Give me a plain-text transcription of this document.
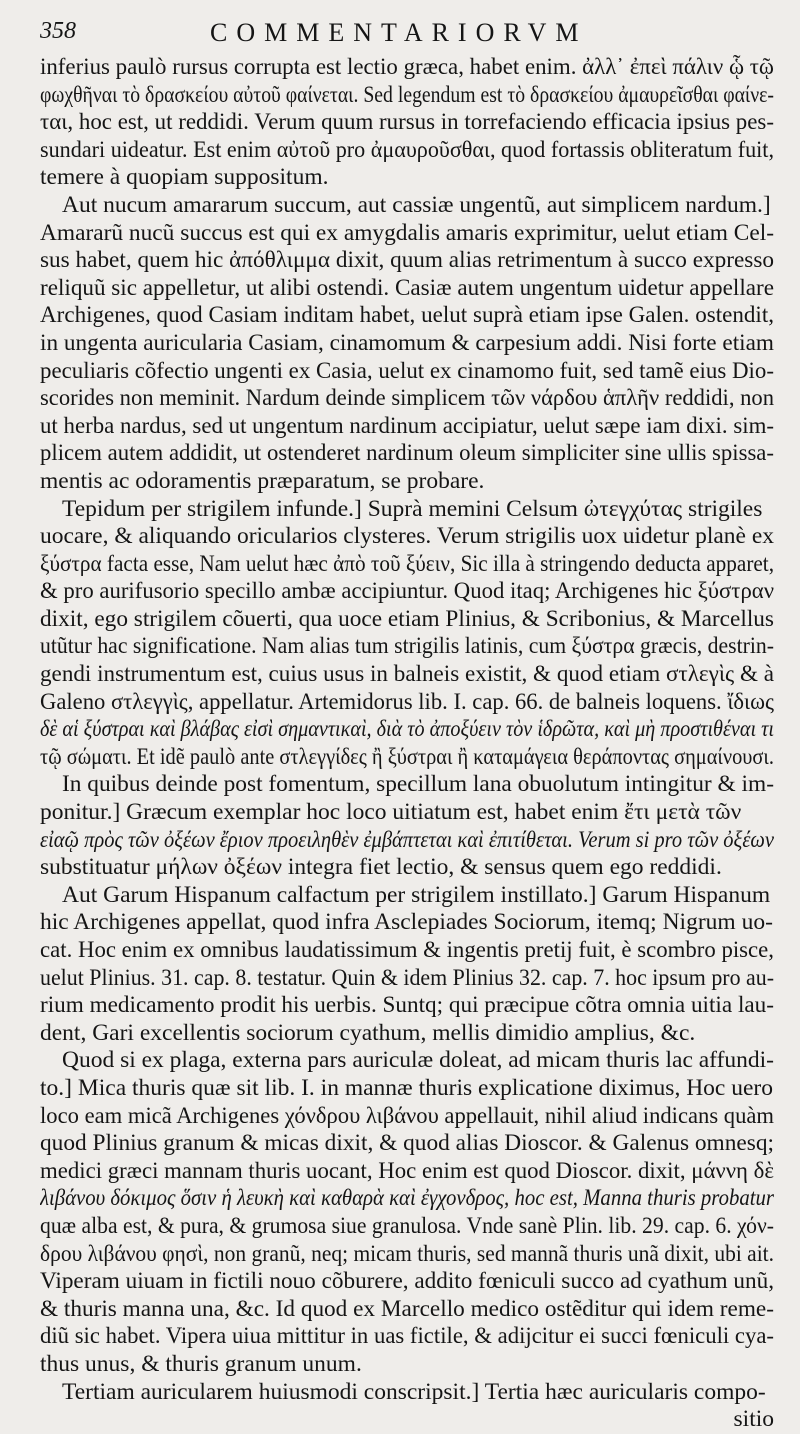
358	COMMENTARIORVM
inferius paulò rursus corrupta est lectio græca, habet enim. ἀλλ᾽ ἐπεὶ πάλιν ᾧ τῷ
φωχθῆναι τὸ δρασκείου αὐτοῦ φαίνεται. Sed legendum est τὸ δρασκείου ἀμαυρεῖσθαι φαίνε-
ται, hoc est, ut reddidi. Verum quum rursus in torrefaciendo efficacia ipsius pes-
sundari uideatur. Est enim αὐτοῦ pro ἀμαυροῦσθαι, quod fortassis obliteratum fuit,
temere à quopiam suppositum.
Aut nucum amararum succum, aut cassiæ ungentũ, aut simplicem nardum.]
Amararũ nucũ succus est qui ex amygdalis amaris exprimitur, uelut etiam Cel-
sus habet, quem hic ἀπόθλιμμα dixit, quum alias retrimentum à succo expresso
reliquũ sic appelletur, ut alibi ostendi. Casiæ autem ungentum uidetur appellare
Archigenes, quod Casiam inditam habet, uelut suprà etiam ipse Galen. ostendit,
in ungenta auricularia Casiam, cinamomum & carpesium addi. Nisi forte etiam
peculiaris cõfectio ungenti ex Casia, uelut ex cinamomo fuit, sed tamẽ eius Dio-
scorides non meminit. Nardum deinde simplicem τῶν νάρδου ἁπλῆν reddidi, non
ut herba nardus, sed ut ungentum nardinum accipiatur, uelut sæpe iam dixi. sim-
plicem autem addidit, ut ostenderet nardinum oleum simpliciter sine ullis spissa-
mentis ac odoramentis præparatum, se probare.
Tepidum per strigilem infunde.] Suprà memini Celsum ὠτεγχύτας strigiles
uocare, & aliquando oricularios clysteres. Verum strigilis uox uidetur planè ex
ξύστρα facta esse, Nam uelut hæc ἀπὸ τοῦ ξύειν, Sic illa à stringendo deducta apparet,
& pro aurifusorio specillo ambæ accipiuntur. Quod itaq; Archigenes hic ξύστραν
dixit, ego strigilem cõuerti, qua uoce etiam Plinius, & Scribonius, & Marcellus
utũtur hac significatione. Nam alias tum strigilis latinis, cum ξύστρα græcis, destrin-
gendi instrumentum est, cuius usus in balneis existit, & quod etiam στλεγὶς & à
Galeno στλεγγὶς, appellatur. Artemidorus lib. I. cap. 66. de balneis loquens. ἴδιως
δὲ αἱ ξύστραι καὶ βλάβας εἰσὶ σημαντικαὶ, διὰ τὸ ἀποξύειν τὸν ἱδρῶτα, καὶ μὴ προστιθέναι τι
τῷ σώματι. Et idẽ paulò ante στλεγγίδες ἢ ξύστραι ἢ καταμάγεια θεράποντας σημαίνουσι.
In quibus deinde post fomentum, specillum lana obuolutum intingitur & im-
ponitur.] Græcum exemplar hoc loco uitiatum est, habet enim ἔτι μετὰ τῶν
εἰαῷ πρὸς τῶν ὀξέων ἔριον προειληθὲν ἐμβάπτεται καὶ ἐπιτίθεται. Verum si pro τῶν ὀξέων
substituatur μήλων ὀξέων integra fiet lectio, & sensus quem ego reddidi.
Aut Garum Hispanum calfactum per strigilem instillato.] Garum Hispanum
hic Archigenes appellat, quod infra Asclepiades Sociorum, itemq; Nigrum uo-
cat. Hoc enim ex omnibus laudatissimum & ingentis pretij fuit, è scombro pisce,
uelut Plinius. 31. cap. 8. testatur. Quin & idem Plinius 32. cap. 7. hoc ipsum pro au-
rium medicamento prodit his uerbis. Suntq; qui præcipue cõtra omnia uitia lau-
dent, Gari excellentis sociorum cyathum, mellis dimidio amplius, &c.
Quod si ex plaga, externa pars auriculæ doleat, ad micam thuris lac affundi-
to.] Mica thuris quæ sit lib. I. in mannæ thuris explicatione diximus, Hoc uero
loco eam micã Archigenes χόνδρου λιβάνου appellauit, nihil aliud indicans quàm
quod Plinius granum & micas dixit, & quod alias Dioscor. & Galenus omnesq;
medici græci mannam thuris uocant, Hoc enim est quod Dioscor. dixit, μάννη δὲ
λιβάνου δόκιμος ὅσιν ἡ λευκὴ καὶ καθαρὰ καὶ ἐγχονδρος, hoc est, Manna thuris probatur
quæ alba est, & pura, & grumosa siue granulosa. Vnde sanè Plin. lib. 29. cap. 6. χόν-
δρου λιβάνου φησὶ, non granũ, neq; micam thuris, sed mannã thuris unã dixit, ubi ait.
Viperam uiuam in fictili nouo cõburere, addito fœniculi succo ad cyathum unũ,
& thuris manna una, &c. Id quod ex Marcello medico ostẽditur qui idem reme-
diũ sic habet. Vipera uiua mittitur in uas fictile, & adijcitur ei succi fœniculi cya-
thus unus, & thuris granum unum.
Tertiam auricularem huiusmodi conscripsit.] Tertia hæc auricularis compo-
sitio
